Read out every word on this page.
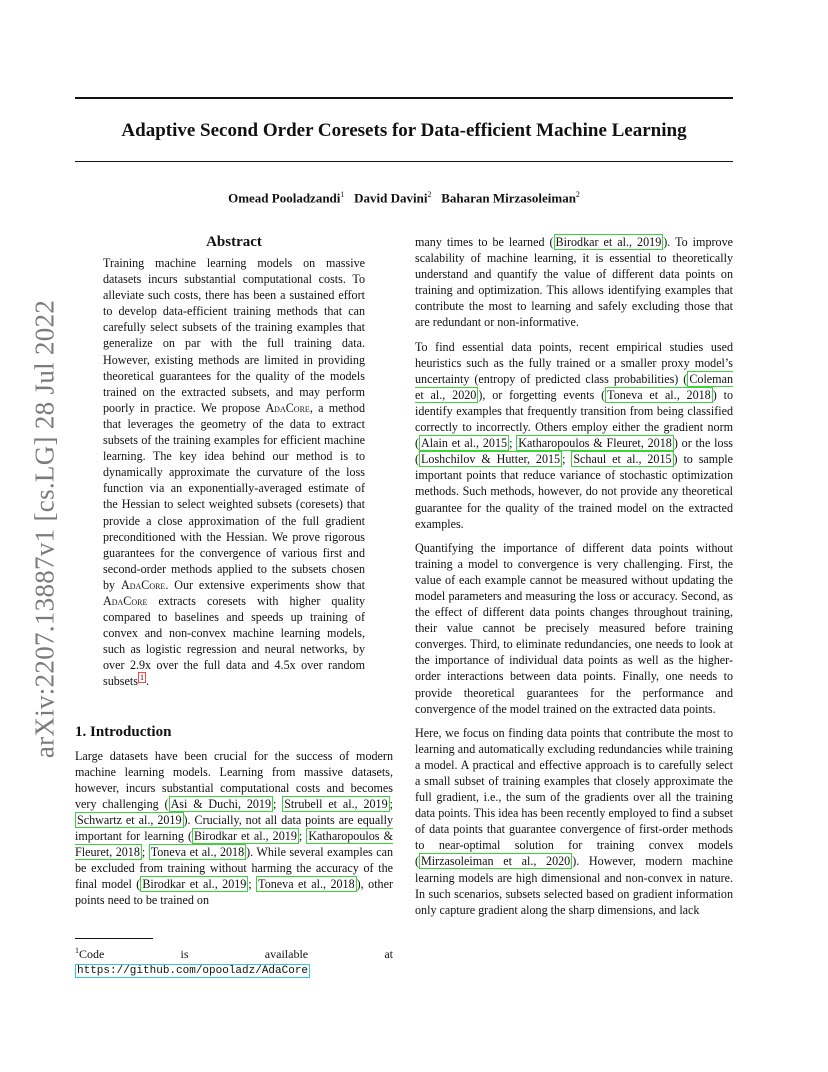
Adaptive Second Order Coresets for Data-efficient Machine Learning
Omead Pooladzandi$^1$ David Davini$^2$ Baharan Mirzasoleiman$^2$
arXiv:2207.13887v1 [cs.LG] 28 Jul 2022
Abstract
Training machine learning models on massive datasets incurs substantial computational costs. To alleviate such costs, there has been a sustained effort to develop data-efficient training methods that can carefully select subsets of the training examples that generalize on par with the full training data. However, existing methods are limited in providing theoretical guarantees for the quality of the models trained on the extracted subsets, and may perform poorly in practice. We propose AdaCore, a method that leverages the geometry of the data to extract subsets of the training examples for efficient machine learning. The key idea behind our method is to dynamically approximate the curvature of the loss function via an exponentially-averaged estimate of the Hessian to select weighted subsets (coresets) that provide a close approximation of the full gradient preconditioned with the Hessian. We prove rigorous guarantees for the convergence of various first and second-order methods applied to the subsets chosen by AdaCore. Our extensive experiments show that AdaCore extracts coresets with higher quality compared to baselines and speeds up training of convex and non-convex machine learning models, such as logistic regression and neural networks, by over 2.9x over the full data and 4.5x over random subsets $^1$ .
1. Introduction

Large datasets have been crucial for the success of modern machine learning models. Learning from massive datasets, however, incurs substantial computational costs and becomes very challenging ( Asi & Duchi, 2019 ; Strubell et al., 2019 ; Schwartz et al., 2019 ). Crucially, not all data points are equally important for learning ( Birodkar et al., 2019 ; Katharopoulos & Fleuret, 2018 ; Toneva et al., 2018 ). While several examples can be excluded from training without harming the accuracy of the final model ( Birodkar et al., 2019 ; Toneva et al., 2018 ), other points need to be trained on

$^1$Code is available at https://github.com/opooladz/AdaCore

many times to be learned ( Birodkar et al., 2019 ). To improve scalability of machine learning, it is essential to theoretically understand and quantify the value of different data points on training and optimization. This allows identifying examples that contribute the most to learning and safely excluding those that are redundant or non-informative.

To find essential data points, recent empirical studies used heuristics such as the fully trained or a smaller proxy model’s uncertainty (entropy of predicted class probabilities) ( Coleman et al., 2020 ), or forgetting events ( Toneva et al., 2018 ) to identify examples that frequently transition from being classified correctly to incorrectly. Others employ either the gradient norm ( Alain et al., 2015 ; Katharopoulos & Fleuret, 2018 ) or the loss ( Loshchilov & Hutter, 2015 ; Schaul et al., 2015 ) to sample important points that reduce variance of stochastic optimization methods. Such methods, however, do not provide any theoretical guarantee for the quality of the trained model on the extracted examples.

Quantifying the importance of different data points without training a model to convergence is very challenging. First, the value of each example cannot be measured without updating the model parameters and measuring the loss or accuracy. Second, as the effect of different data points changes throughout training, their value cannot be precisely measured before training converges. Third, to eliminate redundancies, one needs to look at the importance of individual data points as well as the higher-order interactions between data points. Finally, one needs to provide theoretical guarantees for the performance and convergence of the model trained on the extracted data points.

Here, we focus on finding data points that contribute the most to learning and automatically excluding redundancies while training a model. A practical and effective approach is to carefully select a small subset of training examples that closely approximate the full gradient, i.e., the sum of the gradients over all the training data points. This idea has been recently employed to find a subset of data points that guarantee convergence of first-order methods to near-optimal solution for training convex models ( Mirzasoleiman et al., 2020 ). However, modern machine learning models are high dimensional and non-convex in nature. In such scenarios, subsets selected based on gradient information only capture gradient along the sharp dimensions, and lack
